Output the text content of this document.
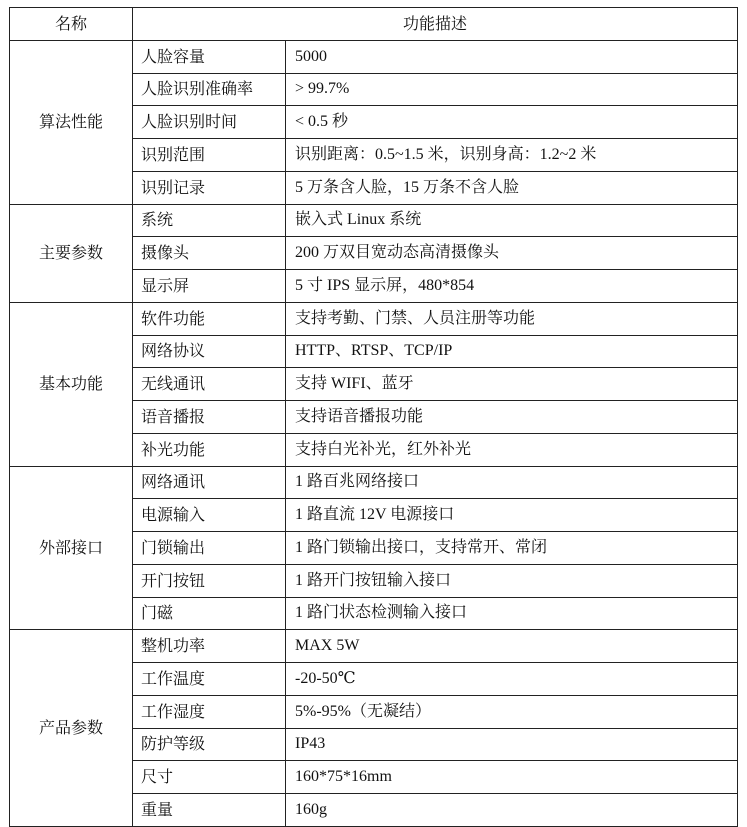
名称	功能描述	
算法性能	人脸容量	5000
	人脸识别准确率	> 99.7%
	人脸识别时间	< 0.5 秒
	识别范围	识别距离：0.5~1.5 米，识别身高：1.2~2 米
	识别记录	5 万条含人脸，15 万条不含人脸
主要参数	系统	嵌入式 Linux 系统
	摄像头	200 万双目宽动态高清摄像头
	显示屏	5 寸 IPS 显示屏，480*854
基本功能	软件功能	支持考勤、门禁、人员注册等功能
	网络协议	HTTP、RTSP、TCP/IP
	无线通讯	支持 WIFI、蓝牙
	语音播报	支持语音播报功能
	补光功能	支持白光补光，红外补光
外部接口	网络通讯	1 路百兆网络接口
	电源输入	1 路直流 12V 电源接口
	门锁输出	1 路门锁输出接口，支持常开、常闭
	开门按钮	1 路开门按钮输入接口
	门磁	1 路门状态检测输入接口
产品参数	整机功率	MAX 5W
	工作温度	-20-50℃
	工作湿度	5%-95%（无凝结）
	防护等级	IP43
	尺寸	160*75*16mm
	重量	160g
